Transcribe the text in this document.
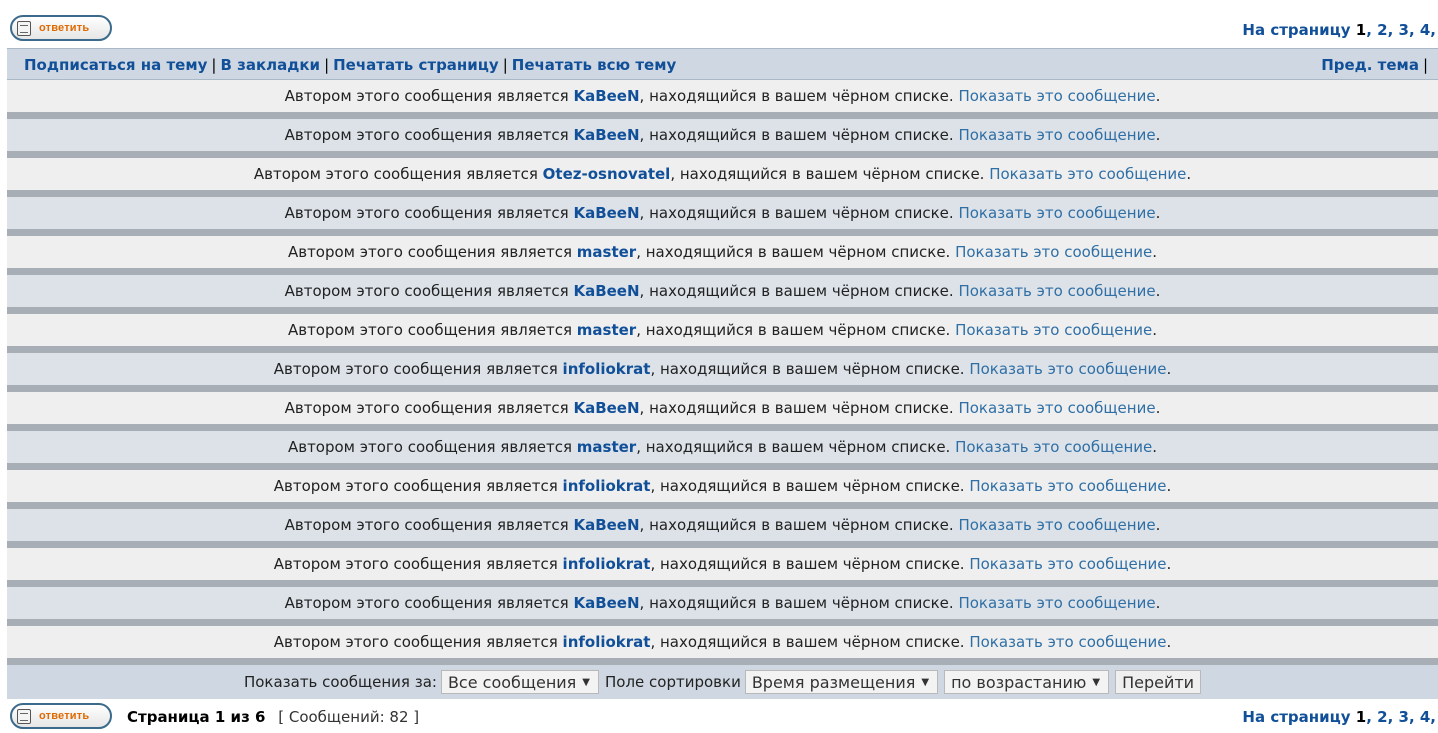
ответить	На страницу 1, 2, 3, 4,
Подписаться на тему | В закладки | Печатать страницу | Печатать всю тему	Пред. тема |
Автором этого сообщения является KaBeeN , находящийся в вашем чёрном списке. Показать это сообщение .
Автором этого сообщения является KaBeeN , находящийся в вашем чёрном списке. Показать это сообщение .
Автором этого сообщения является Otez-osnovatel , находящийся в вашем чёрном списке. Показать это сообщение .
Автором этого сообщения является KaBeeN , находящийся в вашем чёрном списке. Показать это сообщение .
Автором этого сообщения является master , находящийся в вашем чёрном списке. Показать это сообщение .
Автором этого сообщения является KaBeeN , находящийся в вашем чёрном списке. Показать это сообщение .
Автором этого сообщения является master , находящийся в вашем чёрном списке. Показать это сообщение .
Автором этого сообщения является infoliokrat , находящийся в вашем чёрном списке. Показать это сообщение .
Автором этого сообщения является KaBeeN , находящийся в вашем чёрном списке. Показать это сообщение .
Автором этого сообщения является master , находящийся в вашем чёрном списке. Показать это сообщение .
Автором этого сообщения является infoliokrat , находящийся в вашем чёрном списке. Показать это сообщение .
Автором этого сообщения является KaBeeN , находящийся в вашем чёрном списке. Показать это сообщение .
Автором этого сообщения является infoliokrat , находящийся в вашем чёрном списке. Показать это сообщение .
Автором этого сообщения является KaBeeN , находящийся в вашем чёрном списке. Показать это сообщение .
Автором этого сообщения является infoliokrat , находящийся в вашем чёрном списке. Показать это сообщение .
Показать сообщения за: Все сообщения ▼ Поле сортировки Время размещения ▼ по возрастанию ▼	Перейти
ответить	Страница 1 из 6 [ Сообщений: 82 ]	На страницу 1, 2, 3, 4,
